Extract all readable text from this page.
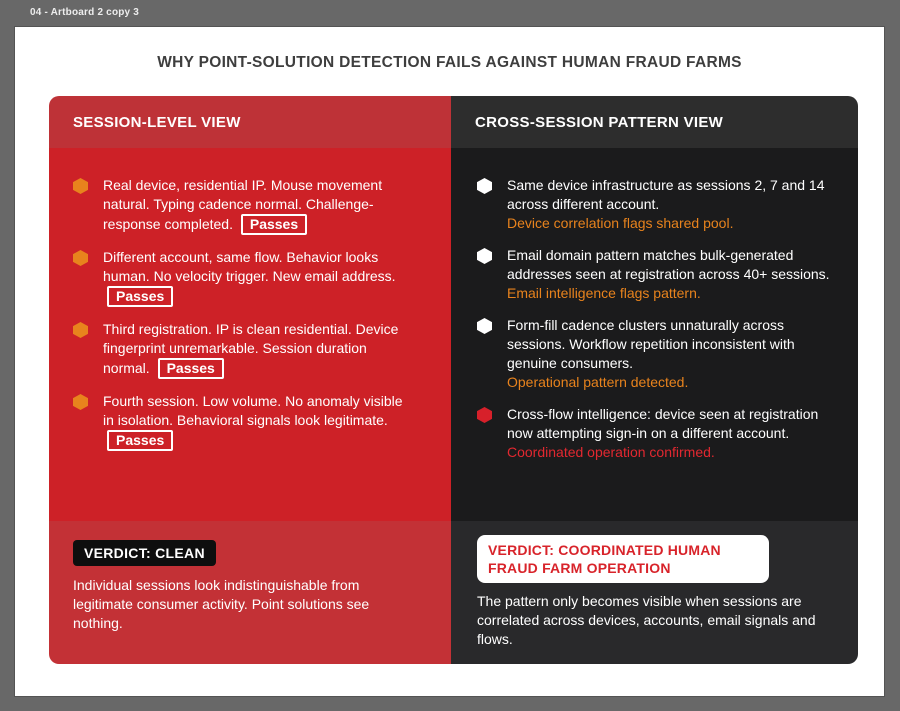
04 - Artboard 2 copy 3
WHY POINT-SOLUTION DETECTION FAILS AGAINST HUMAN FRAUD FARMS
SESSION-LEVEL VIEW
Real device, residential IP. Mouse movement natural. Typing cadence normal. Challenge-response completed. Passes
Different account, same flow. Behavior looks human. No velocity trigger. New email address. Passes
Third registration. IP is clean residential. Device fingerprint unremarkable. Session duration normal. Passes
Fourth session. Low volume. No anomaly visible in isolation. Behavioral signals look legitimate. Passes
VERDICT: CLEAN
Individual sessions look indistinguishable from legitimate consumer activity. Point solutions see nothing.
CROSS-SESSION PATTERN VIEW
Same device infrastructure as sessions 2, 7 and 14 across different account.
Device correlation flags shared pool.
Email domain pattern matches bulk-generated addresses seen at registration across 40+ sessions.
Email intelligence flags pattern.
Form-fill cadence clusters unnaturally across sessions. Workflow repetition inconsistent with genuine consumers.
Operational pattern detected.
Cross-flow intelligence: device seen at registration now attempting sign-in on a different account.
Coordinated operation confirmed.
VERDICT: COORDINATED HUMAN FRAUD FARM OPERATION
The pattern only becomes visible when sessions are correlated across devices, accounts, email signals and flows.
